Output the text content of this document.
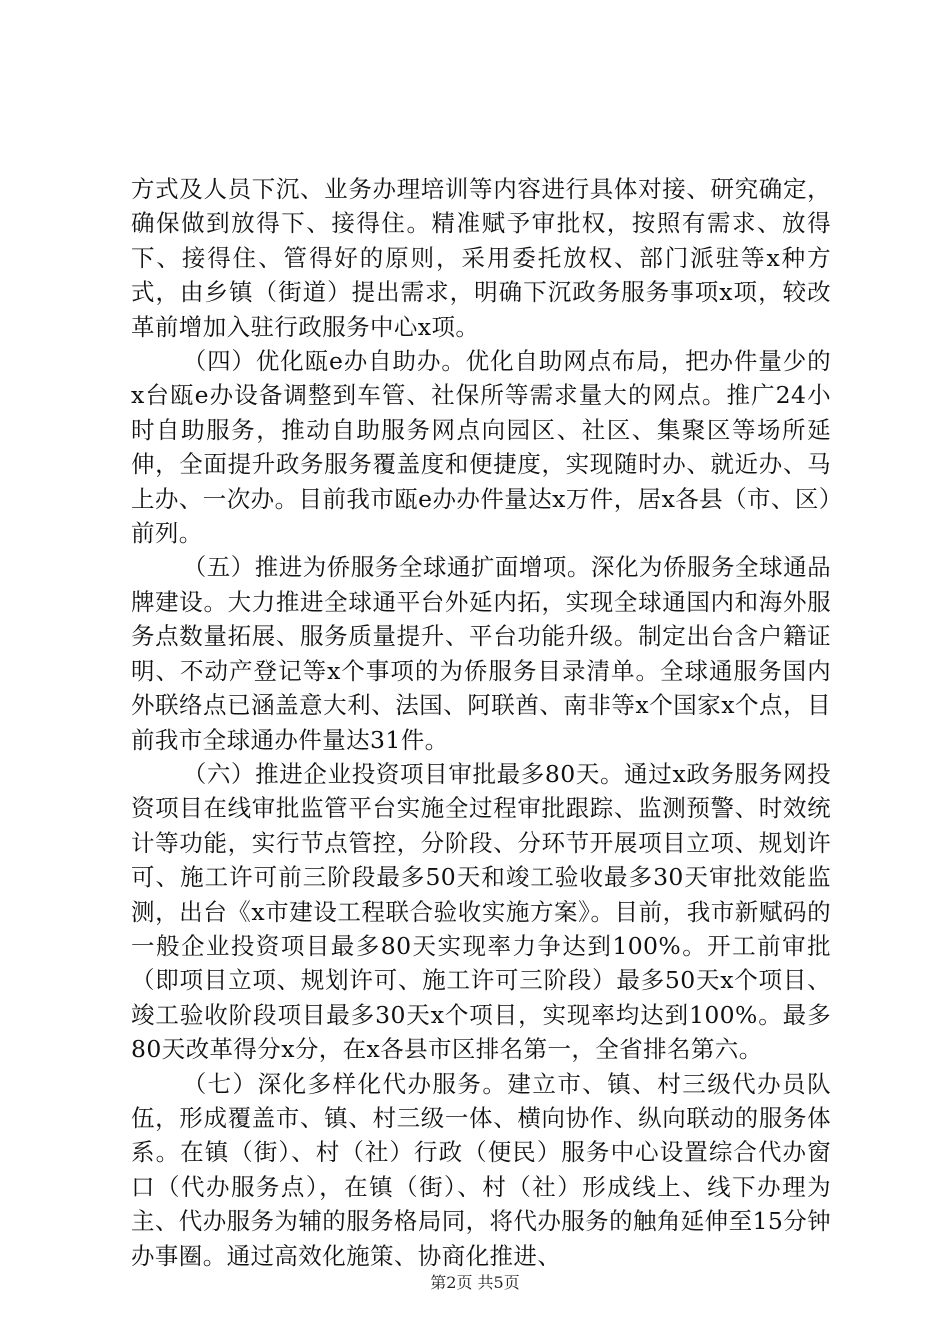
方式及人员下沉、业务办理培训等内容进行具体对接、研究确定，确保做到放得下、接得住。精准赋予审批权，按照有需求、放得下、接得住、管得好的原则，采用委托放权、部门派驻等x种方式，由乡镇（街道）提出需求，明确下沉政务服务事项x项，较改革前增加入驻行政服务中心x项。

（四）优化瓯e办自助办。优化自助网点布局，把办件量少的x台瓯e办设备调整到车管、社保所等需求量大的网点。推广24小时自助服务，推动自助服务网点向园区、社区、集聚区等场所延伸，全面提升政务服务覆盖度和便捷度，实现随时办、就近办、马上办、一次办。目前我市瓯e办办件量达x万件，居x各县（市、区）前列。

（五）推进为侨服务全球通扩面增项。深化为侨服务全球通品牌建设。大力推进全球通平台外延内拓，实现全球通国内和海外服务点数量拓展、服务质量提升、平台功能升级。制定出台含户籍证明、不动产登记等x个事项的为侨服务目录清单。全球通服务国内外联络点已涵盖意大利、法国、阿联酋、南非等x个国家x个点，目前我市全球通办件量达31件。

（六）推进企业投资项目审批最多80天。通过x政务服务网投资项目在线审批监管平台实施全过程审批跟踪、监测预警、时效统计等功能，实行节点管控，分阶段、分环节开展项目立项、规划许可、施工许可前三阶段最多50天和竣工验收最多30天审批效能监测，出台《x市建设工程联合验收实施方案》。目前，我市新赋码的一般企业投资项目最多80天实现率力争达到100%。开工前审批（即项目立项、规划许可、施工许可三阶段）最多50天x个项目、竣工验收阶段项目最多30天x个项目，实现率均达到100%。最多80天改革得分x分，在x各县市区排名第一，全省排名第六。

（七）深化多样化代办服务。建立市、镇、村三级代办员队伍，形成覆盖市、镇、村三级一体、横向协作、纵向联动的服务体系。在镇（街）、村（社）行政（便民）服务中心设置综合代办窗口（代办服务点），在镇（街）、村（社）形成线上、线下办理为主、代办服务为辅的服务格局同，将代办服务的触角延伸至15分钟办事圈。通过高效化施策、协商化推进、

第2页 共5页
